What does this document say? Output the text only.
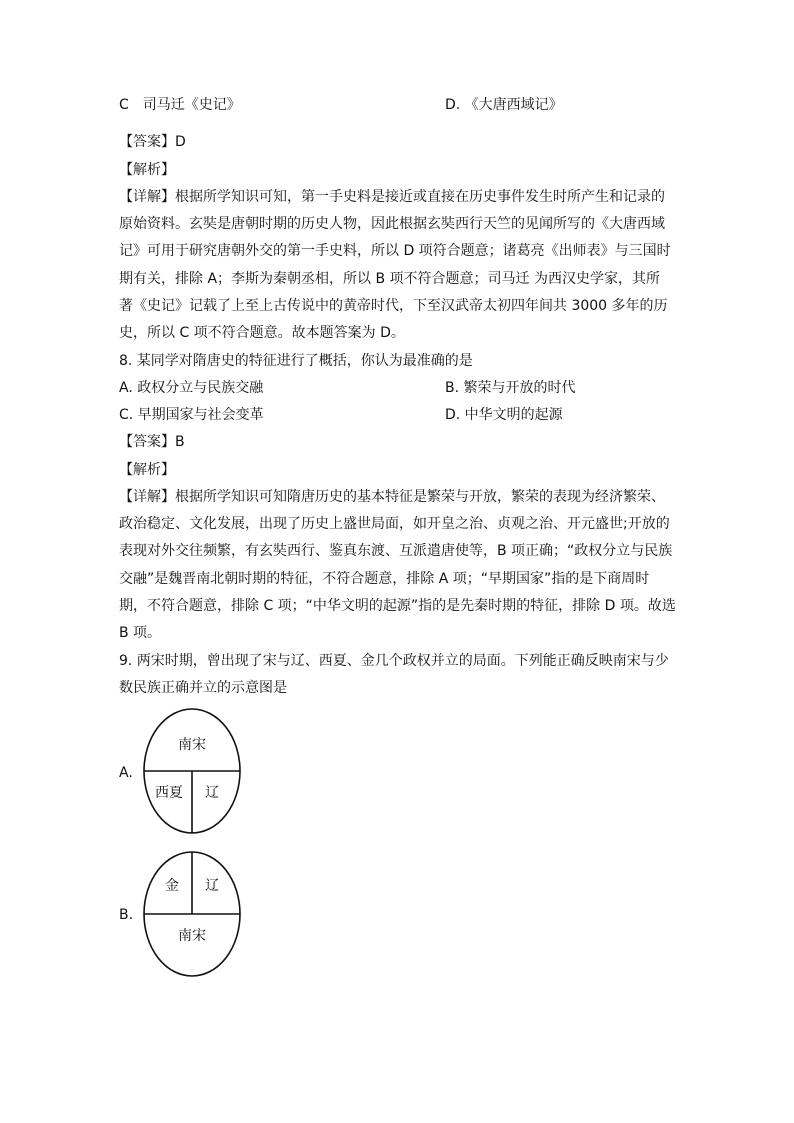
C　司马迁《史记》	D. 《大唐西域记》
【答案】D
【解析】
【详解】根据所学知识可知，第一手史料是接近或直接在历史事件发生时所产生和记录的
原始资料。玄奘是唐朝时期的历史人物，因此根据玄奘西行天竺的见闻所写的《大唐西域
记》可用于研究唐朝外交的第一手史料，所以 D 项符合题意；诸葛亮《出师表》与三国时
期有关，排除 A；李斯为秦朝丞相，所以 B 项不符合题意；司马迁 为西汉史学家，其所
著《史记》记载了上至上古传说中的黄帝时代，下至汉武帝太初四年间共 3000 多年的历
史，所以 C 项不符合题意。故本题答案为 D。
8. 某同学对隋唐史的特征进行了概括，你认为最准确的是
A. 政权分立与民族交融	B. 繁荣与开放的时代
C. 早期国家与社会变革	D. 中华文明的起源
【答案】B
【解析】
【详解】根据所学知识可知隋唐历史的基本特征是繁荣与开放，繁荣的表现为经济繁荣、
政治稳定、文化发展，出现了历史上盛世局面，如开皇之治、贞观之治、开元盛世;开放的
表现对外交往频繁，有玄奘西行、鉴真东渡、互派遣唐使等，B 项正确；“政权分立与民族
交融”是魏晋南北朝时期的特征，不符合题意，排除 A 项；“早期国家”指的是下商周时
期，不符合题意，排除 C 项；“中华文明的起源”指的是先秦时期的特征，排除 D 项。故选
B 项。
9. 两宋时期，曾出现了宋与辽、西夏、金几个政权并立的局面。下列能正确反映南宋与少
数民族正确并立的示意图是
A.
南宋
西夏 辽
B.
金 辽
南宋
